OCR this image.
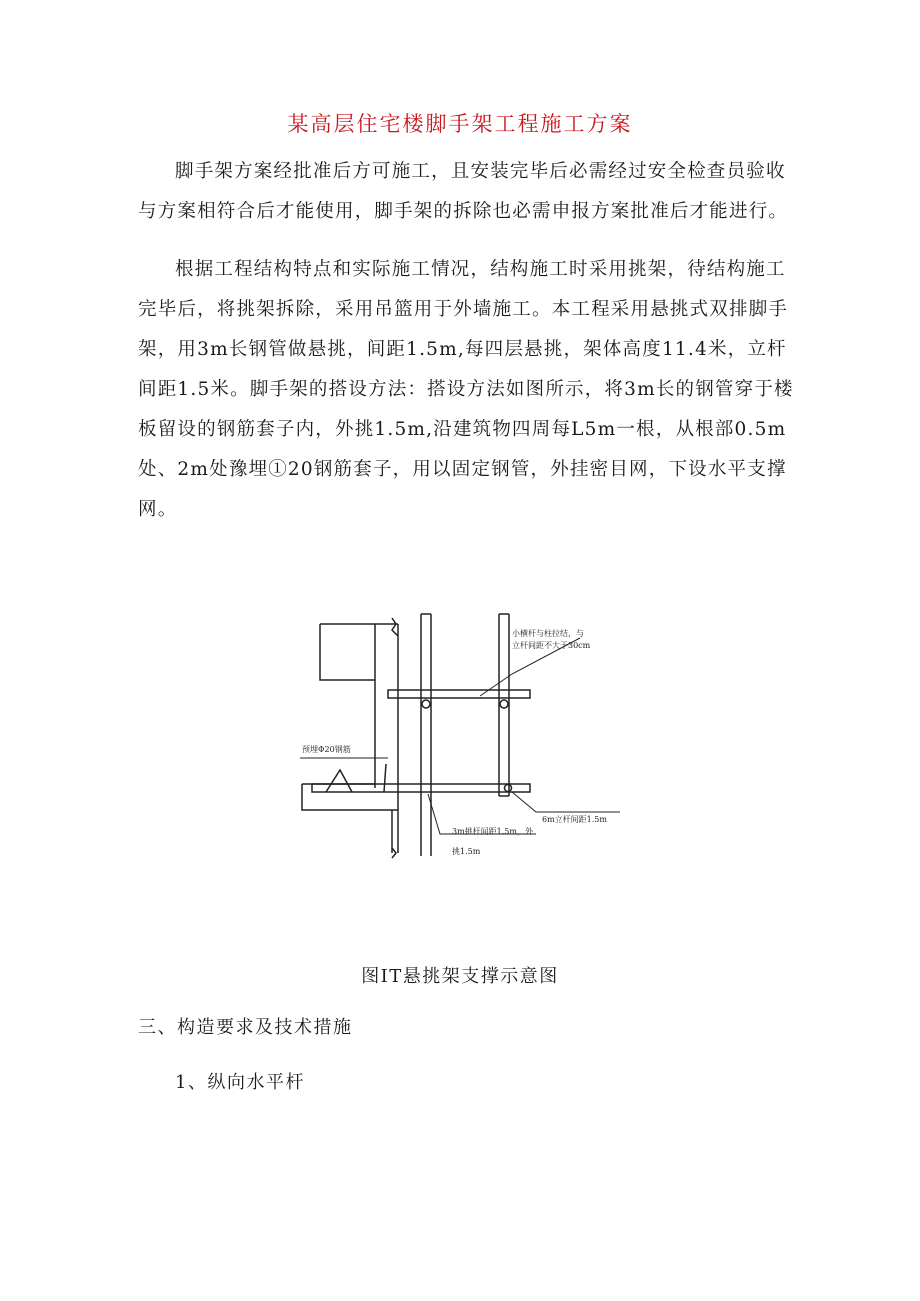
某高层住宅楼脚手架工程施工方案

脚手架方案经批准后方可施工，且安装完毕后必需经过安全检查员验收与方案相符合后才能使用，脚手架的拆除也必需申报方案批准后才能进行。

根据工程结构特点和实际施工情况，结构施工时采用挑架，待结构施工完毕后，将挑架拆除，采用吊篮用于外墙施工。本工程采用悬挑式双排脚手架，用3m长钢管做悬挑，间距1.5m,每四层悬挑，架体高度11.4米，立杆间距1.5米。脚手架的搭设方法：搭设方法如图所示，将3m长的钢管穿于楼板留设的钢筋套子内，外挑1.5m,沿建筑物四周每L5m一根，从根部0.5m处、2m处豫埋①20钢筋套子，用以固定钢管，外挂密目网，下设水平支撑网。

小横杆与柱拉结，与
立杆间距不大于30cm
预埋Φ20钢筋
6m立杆间距1.5m
3m挑杆间距1.5m，外
挑1.5m
图IT悬挑架支撑示意图
三、构造要求及技术措施
1、纵向水平杆
